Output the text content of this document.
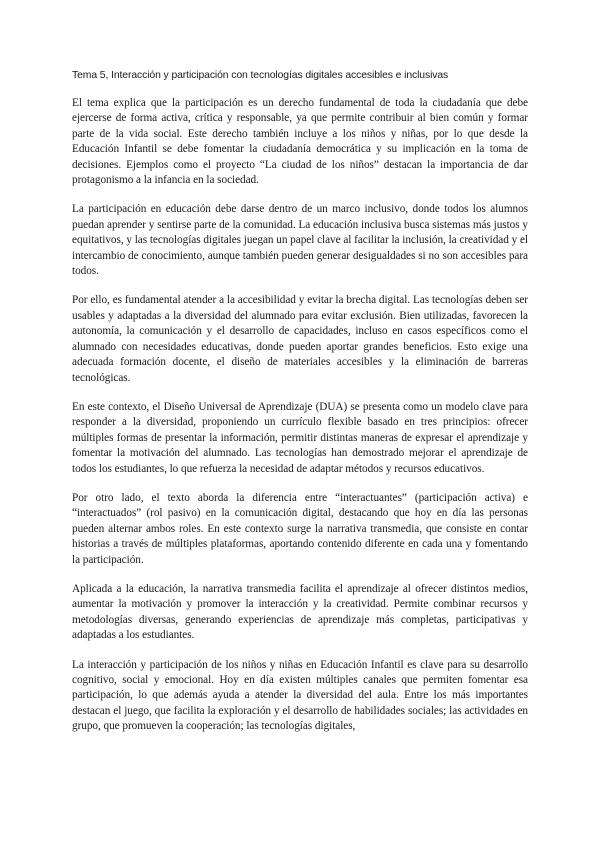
Tema 5, Interacción y participación con tecnologías digitales accesibles e inclusivas

El tema explica que la participación es un derecho fundamental de toda la ciudadanía que debe ejercerse de forma activa, crítica y responsable, ya que permite contribuir al bien común y formar parte de la vida social. Este derecho también incluye a los niños y niñas, por lo que desde la Educación Infantil se debe fomentar la ciudadanía democrática y su implicación en la toma de decisiones. Ejemplos como el proyecto “La ciudad de los niños” destacan la importancia de dar protagonismo a la infancia en la sociedad.

La participación en educación debe darse dentro de un marco inclusivo, donde todos los alumnos puedan aprender y sentirse parte de la comunidad. La educación inclusiva busca sistemas más justos y equitativos, y las tecnologías digitales juegan un papel clave al facilitar la inclusión, la creatividad y el intercambio de conocimiento, aunque también pueden generar desigualdades si no son accesibles para todos.

Por ello, es fundamental atender a la accesibilidad y evitar la brecha digital. Las tecnologías deben ser usables y adaptadas a la diversidad del alumnado para evitar exclusión. Bien utilizadas, favorecen la autonomía, la comunicación y el desarrollo de capacidades, incluso en casos específicos como el alumnado con necesidades educativas, donde pueden aportar grandes beneficios. Esto exige una adecuada formación docente, el diseño de materiales accesibles y la eliminación de barreras tecnológicas.

En este contexto, el Diseño Universal de Aprendizaje (DUA) se presenta como un modelo clave para responder a la diversidad, proponiendo un currículo flexible basado en tres principios: ofrecer múltiples formas de presentar la información, permitir distintas maneras de expresar el aprendizaje y fomentar la motivación del alumnado. Las tecnologías han demostrado mejorar el aprendizaje de todos los estudiantes, lo que refuerza la necesidad de adaptar métodos y recursos educativos.

Por otro lado, el texto aborda la diferencia entre “interactuantes” (participación activa) e “interactuados” (rol pasivo) en la comunicación digital, destacando que hoy en día las personas pueden alternar ambos roles. En este contexto surge la narrativa transmedia, que consiste en contar historias a través de múltiples plataformas, aportando contenido diferente en cada una y fomentando la participación.

Aplicada a la educación, la narrativa transmedia facilita el aprendizaje al ofrecer distintos medios, aumentar la motivación y promover la interacción y la creatividad. Permite combinar recursos y metodologías diversas, generando experiencias de aprendizaje más completas, participativas y adaptadas a los estudiantes.

La interacción y participación de los niños y niñas en Educación Infantil es clave para su desarrollo cognitivo, social y emocional. Hoy en día existen múltiples canales que permiten fomentar esa participación, lo que además ayuda a atender la diversidad del aula. Entre los más importantes destacan el juego, que facilita la exploración y el desarrollo de habilidades sociales; las actividades en grupo, que promueven la cooperación; las tecnologías digitales,
